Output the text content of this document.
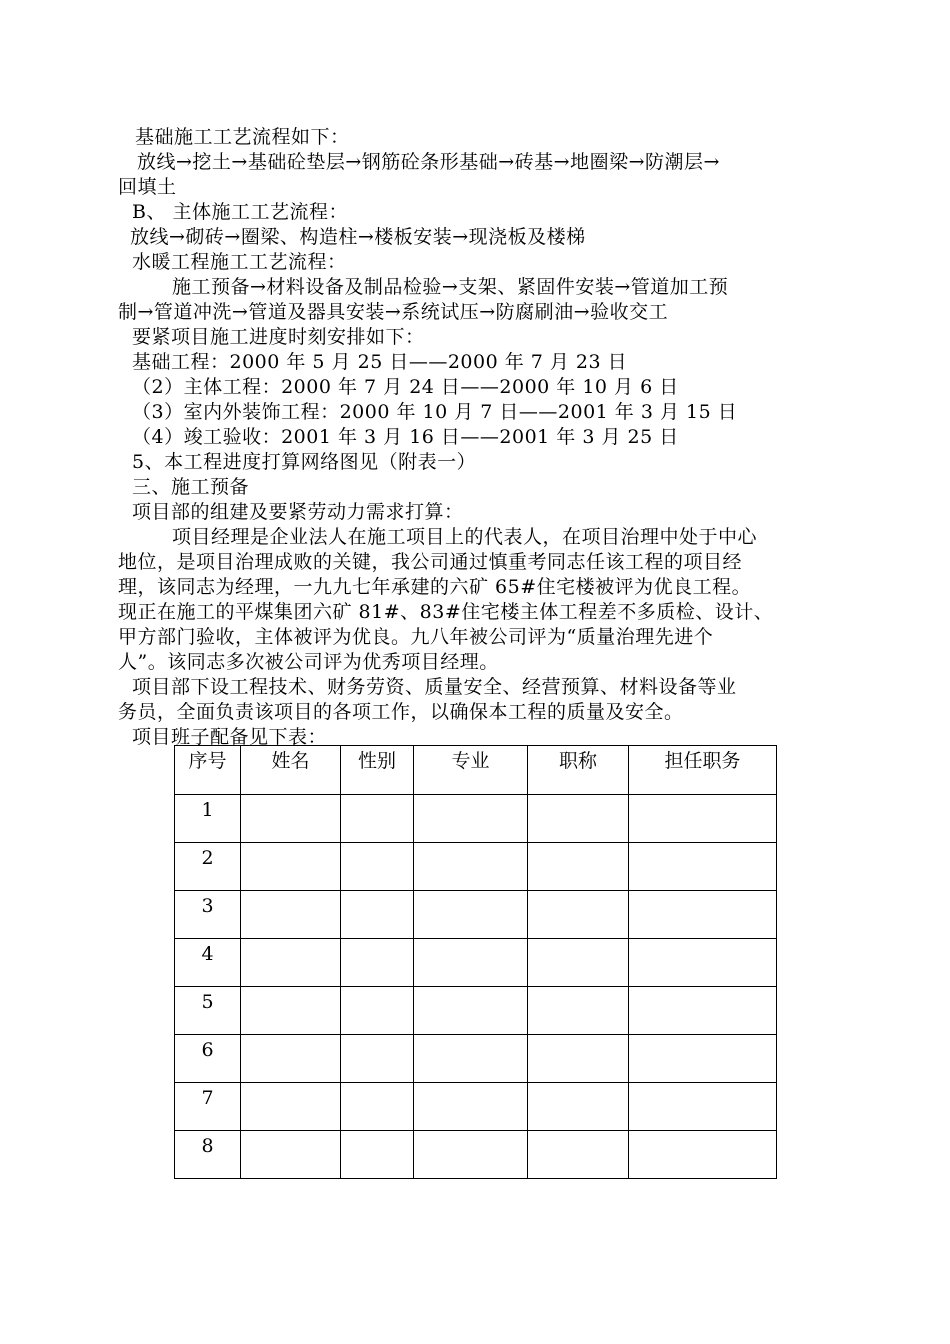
基础施工工艺流程如下：
放线→挖土→基础砼垫层→钢筋砼条形基础→砖基→地圈梁→防潮层→
回填土
B、 主体施工工艺流程：
放线→砌砖→圈梁、构造柱→楼板安装→现浇板及楼梯
水暖工程施工工艺流程：
施工预备→材料设备及制品检验→支架、紧固件安装→管道加工预
制→管道冲洗→管道及器具安装→系统试压→防腐刷油→验收交工
要紧项目施工进度时刻安排如下：
基础工程：2000 年 5 月 25 日——2000 年 7 月 23 日
（2）主体工程：2000 年 7 月 24 日——2000 年 10 月 6 日
（3）室内外装饰工程：2000 年 10 月 7 日——2001 年 3 月 15 日
（4）竣工验收：2001 年 3 月 16 日——2001 年 3 月 25 日
5、本工程进度打算网络图见（附表一）
三、施工预备
项目部的组建及要紧劳动力需求打算：
项目经理是企业法人在施工项目上的代表人，在项目治理中处于中心
地位，是项目治理成败的关键，我公司通过慎重考同志任该工程的项目经
理，该同志为经理，一九九七年承建的六矿 65#住宅楼被评为优良工程。
现正在施工的平煤集团六矿 81#、83#住宅楼主体工程差不多质检、设计、
甲方部门验收，主体被评为优良。九八年被公司评为“质量治理先进个
人”。该同志多次被公司评为优秀项目经理。
项目部下设工程技术、财务劳资、质量安全、经营预算、材料设备等业
务员，全面负责该项目的各项工作，以确保本工程的质量及安全。
项目班子配备见下表：
序号	姓名	性别	专业	职称	担任职务
1					
2					
3					
4					
5					
6					
7					
8					
